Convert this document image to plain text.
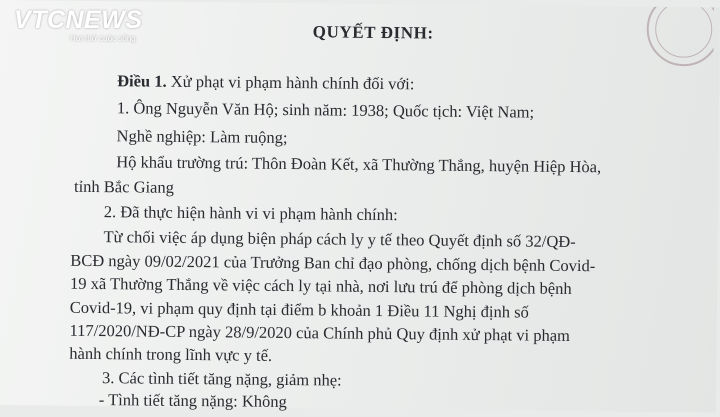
QUYẾT ĐỊNH:
Điều 1. Xử phạt vi phạm hành chính đối với:
1. Ông Nguyễn Văn Hộ; sinh năm: 1938; Quốc tịch: Việt Nam;
Nghề nghiệp: Làm ruộng;
Hộ khẩu trường trú: Thôn Đoàn Kết, xã Thường Thắng, huyện Hiệp Hòa,
tỉnh Bắc Giang
2. Đã thực hiện hành vi vi phạm hành chính:
Từ chối việc áp dụng biện pháp cách ly y tế theo Quyết định số 32/QĐ-
BCĐ ngày 09/02/2021 của Trưởng Ban chỉ đạo phòng, chống dịch bệnh Covid-
19 xã Thường Thắng về việc cách ly tại nhà, nơi lưu trú để phòng dịch bệnh
Covid-19, vi phạm quy định tại điểm b khoản 1 Điều 11 Nghị định số
117/2020/NĐ-CP ngày 28/9/2020 của Chính phủ Quy định xử phạt vi phạm
hành chính trong lĩnh vực y tế.
3. Các tình tiết tăng nặng, giảm nhẹ:
- Tình tiết tăng nặng: Không
VTCNEWS
Hơi thở cuộc sống
